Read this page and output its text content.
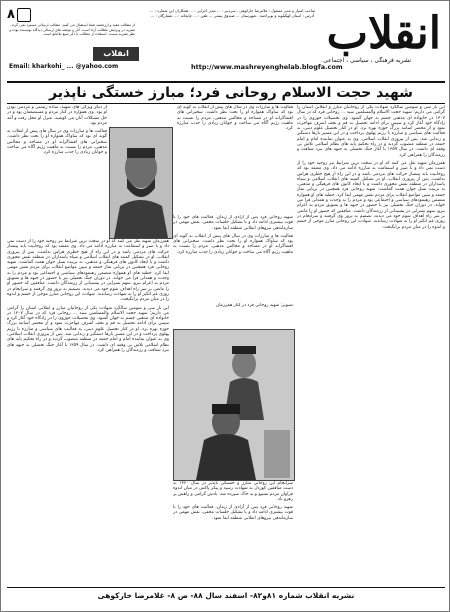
۸
از مطالب مفید و ارزشمند شما استقبال می کنیم. مطالب ارسالی مسترد نمی گردد. نشریه در ویرایش مطالب آزاد است. آثار و نوشته های ارسالی دیدگاه نویسنده بوده و نظر نشریه نیست. استفاده از مطالب با ذکر منبع بلامانع است.
انقلاب
Email: kharkohi_ ... @yahoo.com
صاحب امتیاز و مدیر مسئول : غلامرضا خارکوهی ، سردبیر : ... مدیر اجرایی : ... همکاران این شماره : ... آدرس : استان کهگیلویه و بویراحمد ، شهرستان ... صندوق پستی ... تلفن : ... چاپخانه : ... شمارگان : ...
http://www.mashreyenghelab.blogfa.com
انقلاب
نشریه فرهنگی ، سیاسی ، اجتماعی
شهید حجت الاسلام روحانی فرد؛ مبارز خستگی ناپذیر

این بار سی و سومین سالگرد شهادت یکی از روحانیان مبارز و انقلابی استان را گرامی می داریم؛ شهید حجت الاسلام والمسلمین سید ... روحانی فرد که در سال ۱۳۰۷ در خانواده ای مذهبی چشم به جهان گشود. وی تحصیلات حوزوی را در زادگاه خود آغاز کرد و سپس برای ادامه تحصیل به قم و نجف اشرف مهاجرت نمود و از محضر اساتید بزرگ حوزه بهره برد. او در کنار تحصیل علوم دینی، به فعالیت های سیاسی و مبارزه با رژیم پهلوی پرداخت و در این مسیر بارها دستگیر و زندانی شد. پس از پیروزی انقلاب اسلامی، وی به عنوان نماینده امام و امام جمعه در منطقه منصوب گردید و در راه تحکیم پایه های نظام اسلامی تلاش بی وقفه ای داشت. در سال ۱۳۵۹ با آغاز جنگ تحمیلی به جبهه های نبرد شتافت و رزمندگان را همراهی کرد.

همرزمان شهید نقل می کنند که او در سخت ترین شرایط نیز روحیه خود را از دست نمی داد و با صبر و استقامت به مبارزه ادامه می داد. وی معتقد بود که روحانیت باید پیشتاز حرکت های مردمی باشد و در این راه از هیچ خطری هراس نداشت. پس از پیروزی انقلاب، او در تشکیل کمیته های انقلاب اسلامی و سپاه پاسداران در منطقه نقش محوری داشت و با ایجاد کانون های فرهنگی و مذهبی، به تربیت نسل جوان همت گماشت. شهید روحانی فرد همچنین در برپایی نماز جمعه و تبیین مواضع انقلاب برای مردم نقش مهمی ایفا کرد. خطبه های او همواره متضمن رهنمودهای سیاسی و اجتماعی بود و مردم را به وحدت و همدلی فرا می خواند. در دوران جنگ تحمیلی نیز با حضور در جبهه ها و تشویق مردم به اعزام نیرو، سهم بسزایی در پشتیبانی از رزمندگان داشت. منافقین که حضور او را مانعی بر سر راه اهداف شوم خود می دیدند، تصمیم به ترور وی گرفتند و سرانجام در روزی غم انگیز او را به شهادت رساندند. شهادت این روحانی مبارز موجی از خشم و اندوه را در میان مردم برانگیخت.

فعالیت ها و مبارزات وی در سال های پیش از انقلاب به گونه ای بود که ساواک همواره او را تحت نظر داشت. سخنرانی های افشاگرانه او در مساجد و مجالس مذهبی، مردم را نسبت به ماهیت رژیم آگاه می ساخت و جوانان زیادی را جذب مبارزه کرد.

شهید روحانی فرد پس از آزادی از زندان، فعالیت های خود را با قوت بیشتری ادامه داد و با تشکیل جلسات مخفی، نقش مهمی در سازماندهی نیروهای انقلابی منطقه ایفا نمود.

فعالیت ها و مبارزات وی در سال های پیش از انقلاب به گونه ای بود که ساواک همواره او را تحت نظر داشت. سخنرانی های افشاگرانه او در مساجد و مجالس مذهبی، مردم را نسبت به ماهیت رژیم آگاه می ساخت و جوانان زیادی را جذب مبارزه کرد.

تصویر: شهید روحانی فرد در کنار همرزمان

از دیگر ویژگی های شهید، ساده زیستی و مردمی بودن او بود. وی همواره در کنار مردم و مستضعفان بود و در حل مشکلات آنان می کوشید. منزل او محل رفت و آمد مردم بود.

فعالیت ها و مبارزات وی در سال های پیش از انقلاب به گونه ای بود که ساواک همواره او را تحت نظر داشت. سخنرانی های افشاگرانه او در مساجد و مجالس مذهبی، مردم را نسبت به ماهیت رژیم آگاه می ساخت و جوانان زیادی را جذب مبارزه کرد.

همرزمان شهید نقل می کنند که او در سخت ترین شرایط نیز روحیه خود را از دست نمی داد و با صبر و استقامت به مبارزه ادامه می داد. وی معتقد بود که روحانیت باید پیشتاز حرکت های مردمی باشد و در این راه از هیچ خطری هراس نداشت. پس از پیروزی انقلاب، او در تشکیل کمیته های انقلاب اسلامی و سپاه پاسداران در منطقه نقش محوری داشت و با ایجاد کانون های فرهنگی و مذهبی، به تربیت نسل جوان همت گماشت. شهید روحانی فرد همچنین در برپایی نماز جمعه و تبیین مواضع انقلاب برای مردم نقش مهمی ایفا کرد. خطبه های او همواره متضمن رهنمودهای سیاسی و اجتماعی بود و مردم را به وحدت و همدلی فرا می خواند. در دوران جنگ تحمیلی نیز با حضور در جبهه ها و تشویق مردم به اعزام نیرو، سهم بسزایی در پشتیبانی از رزمندگان داشت. منافقین که حضور او را مانعی بر سر راه اهداف شوم خود می دیدند، تصمیم به ترور وی گرفتند و سرانجام در روزی غم انگیز او را به شهادت رساندند. شهادت این روحانی مبارز موجی از خشم و اندوه را در میان مردم برانگیخت.

این بار سی و سومین سالگرد شهادت یکی از روحانیان مبارز و انقلابی استان را گرامی می داریم؛ شهید حجت الاسلام والمسلمین سید ... روحانی فرد که در سال ۱۳۰۷ در خانواده ای مذهبی چشم به جهان گشود. وی تحصیلات حوزوی را در زادگاه خود آغاز کرد و سپس برای ادامه تحصیل به قم و نجف اشرف مهاجرت نمود و از محضر اساتید بزرگ حوزه بهره برد. او در کنار تحصیل علوم دینی، به فعالیت های سیاسی و مبارزه با رژیم پهلوی پرداخت و در این مسیر بارها دستگیر و زندانی شد. پس از پیروزی انقلاب اسلامی، وی به عنوان نماینده امام و امام جمعه در منطقه منصوب گردید و در راه تحکیم پایه های نظام اسلامی تلاش بی وقفه ای داشت. در سال ۱۳۵۹ با آغاز جنگ تحمیلی به جبهه های نبرد شتافت و رزمندگان را همراهی کرد.

سرانجام این روحانی مبارز و خستگی ناپذیر در سال ۱۳۶۰ به دست منافقین کوردل به شهادت رسید و پیکر پاکش در میان اندوه فراوان مردم تشییع و به خاک سپرده شد. یادش گرامی و راهش پر رهرو باد.

شهید روحانی فرد پس از آزادی از زندان، فعالیت های خود را با قوت بیشتری ادامه داد و با تشکیل جلسات مخفی، نقش مهمی در سازماندهی نیروهای انقلابی منطقه ایفا نمود.

نشریه انقلاب شماره ۸۱و۸۲- اسفند سال ۸۸- ص ۸- غلامرضا خارکوهی
